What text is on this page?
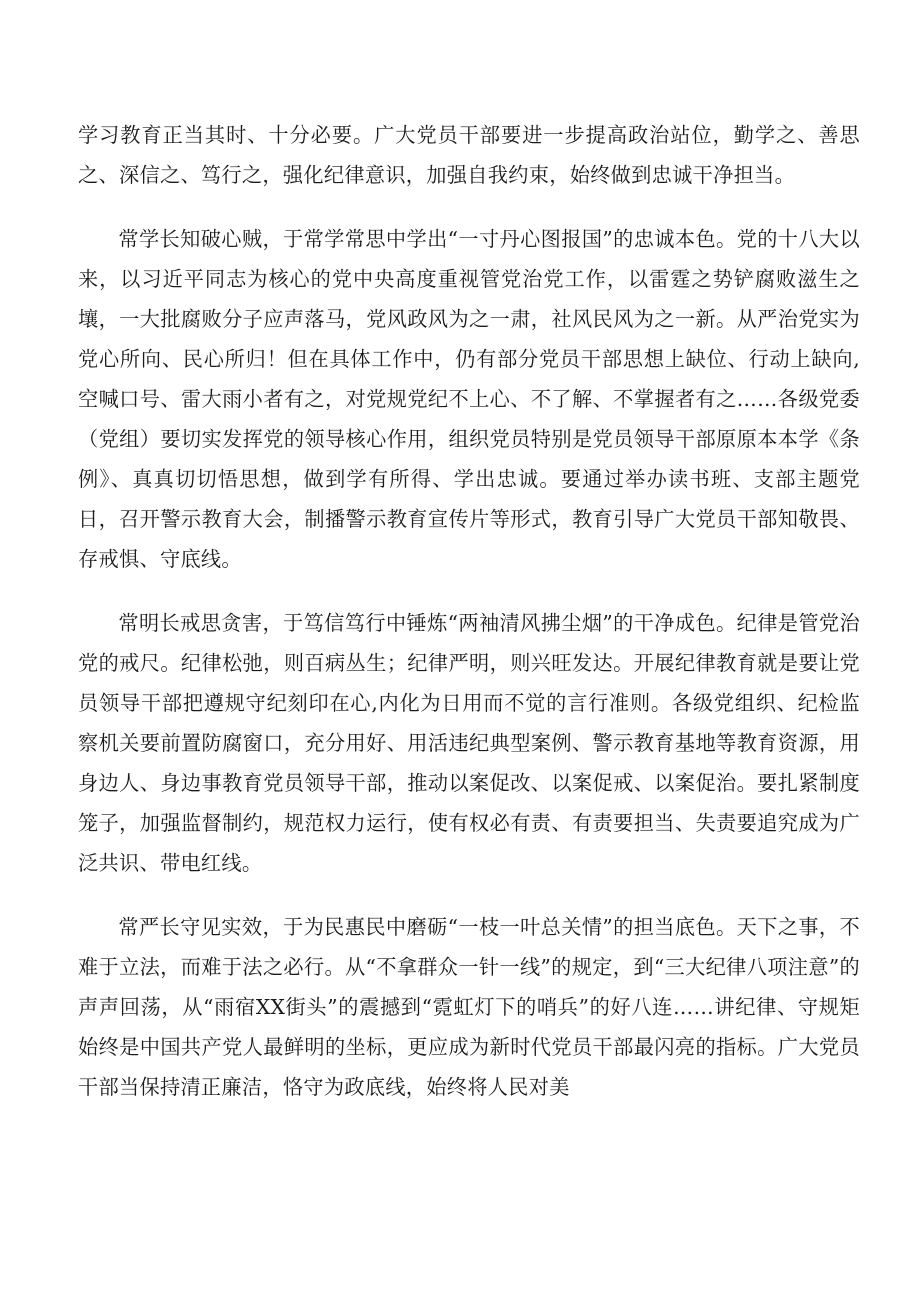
学习教育正当其时、十分必要。广大党员干部要进一步提高政治站位，勤学之、善思之、深信之、笃行之，强化纪律意识，加强自我约束，始终做到忠诚干净担当。

常学长知破心贼，于常学常思中学出“一寸丹心图报国”的忠诚本色。党的十八大以来，以习近平同志为核心的党中央高度重视管党治党工作，以雷霆之势铲腐败滋生之壤，一大批腐败分子应声落马，党风政风为之一肃，社风民风为之一新。从严治党实为党心所向、民心所归！但在具体工作中，仍有部分党员干部思想上缺位、行动上缺向,空喊口号、雷大雨小者有之，对党规党纪不上心、不了解、不掌握者有之……各级党委（党组）要切实发挥党的领导核心作用，组织党员特别是党员领导干部原原本本学《条例》、真真切切悟思想，做到学有所得、学出忠诚。要通过举办读书班、支部主题党日，召开警示教育大会，制播警示教育宣传片等形式，教育引导广大党员干部知敬畏、存戒惧、守底线。

常明长戒思贪害，于笃信笃行中锤炼“两袖清风拂尘烟”的干净成色。纪律是管党治党的戒尺。纪律松弛，则百病丛生；纪律严明，则兴旺发达。开展纪律教育就是要让党员领导干部把遵规守纪刻印在心,内化为日用而不觉的言行准则。各级党组织、纪检监察机关要前置防腐窗口，充分用好、用活违纪典型案例、警示教育基地等教育资源，用身边人、身边事教育党员领导干部，推动以案促改、以案促戒、以案促治。要扎紧制度笼子，加强监督制约，规范权力运行，使有权必有责、有责要担当、失责要追究成为广泛共识、带电红线。

常严长守见实效，于为民惠民中磨砺“一枝一叶总关情”的担当底色。天下之事，不难于立法，而难于法之必行。从“不拿群众一针一线”的规定，到“三大纪律八项注意”的声声回荡，从“雨宿XX街头”的震撼到“霓虹灯下的哨兵”的好八连……讲纪律、守规矩始终是中国共产党人最鲜明的坐标，更应成为新时代党员干部最闪亮的指标。广大党员干部当保持清正廉洁，恪守为政底线，始终将人民对美
